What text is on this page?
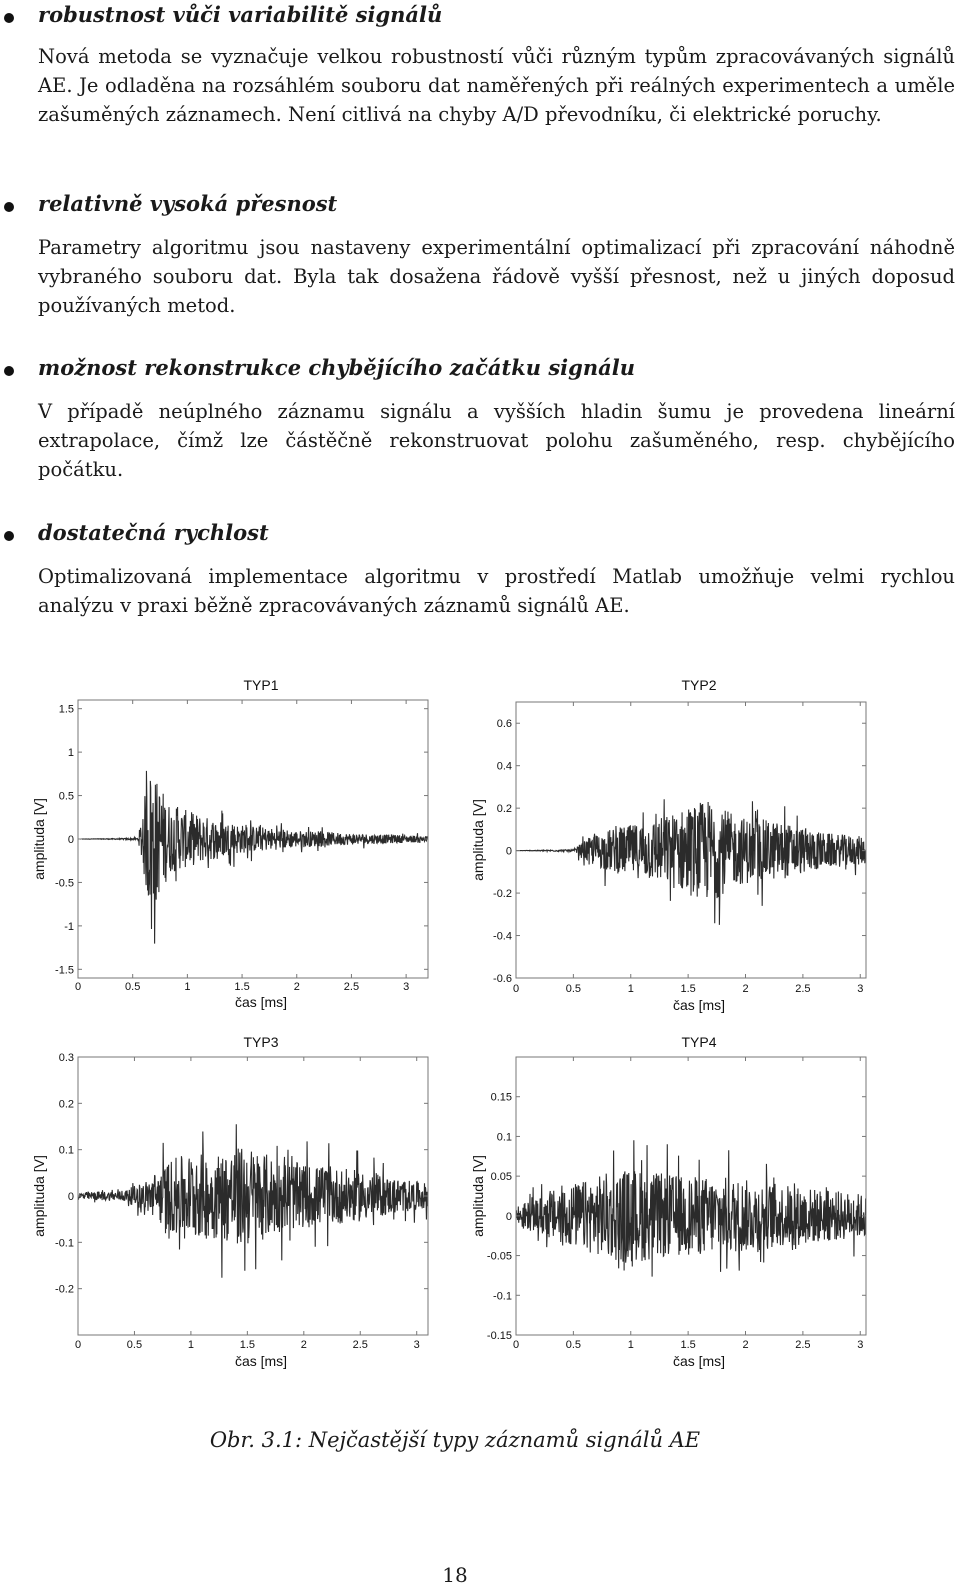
robustnost vůči variabilitě signálů

Nová metoda se vyznačuje velkou robustností vůči různým typům zpracovávaných signálů AE. Je odladěna na rozsáhlém souboru dat naměřených při reálných experimentech a uměle zašuměných záznamech. Není citlivá na chyby A/D převodníku, či elektrické poruchy.

relativně vysoká přesnost

Parametry algoritmu jsou nastaveny experimentální optimalizací při zpracování náhodně vybraného souboru dat. Byla tak dosažena řádově vyšší přesnost, než u jiných doposud používaných metod.

možnost rekonstrukce chybějícího začátku signálu

V případě neúplného záznamu signálu a vyšších hladin šumu je provedena lineární extrapolace, čímž lze částěčně rekonstruovat polohu zašuměného, resp. chybějícího počátku.

dostatečná rychlost

Optimalizovaná implementace algoritmu v prostředí Matlab umožňuje velmi rychlou analýzu v praxi běžně zpracovávaných záznamů signálů AE.

-1.5
-1
-0.5
0
0.5
1
1.5
0	0.5	1	1.5	2	2.5	3
TYP1
čas [ms]
amplituda [V]
-0.6
-0.4
-0.2
0
0.2
0.4
0.6
0	0.5	1	1.5	2	2.5	3
TYP2
čas [ms]
amplituda [V]
-0.2
-0.1
0
0.1
0.2
0.3
0	0.5	1	1.5	2	2.5	3
TYP3
čas [ms]
amplituda [V]
-0.15
-0.1
-0.05
0
0.05
0.1
0.15
0	0.5	1	1.5	2	2.5	3
TYP4
čas [ms]
amplituda [V]

Obr. 3.1: Nejčastější typy záznamů signálů AE

18
